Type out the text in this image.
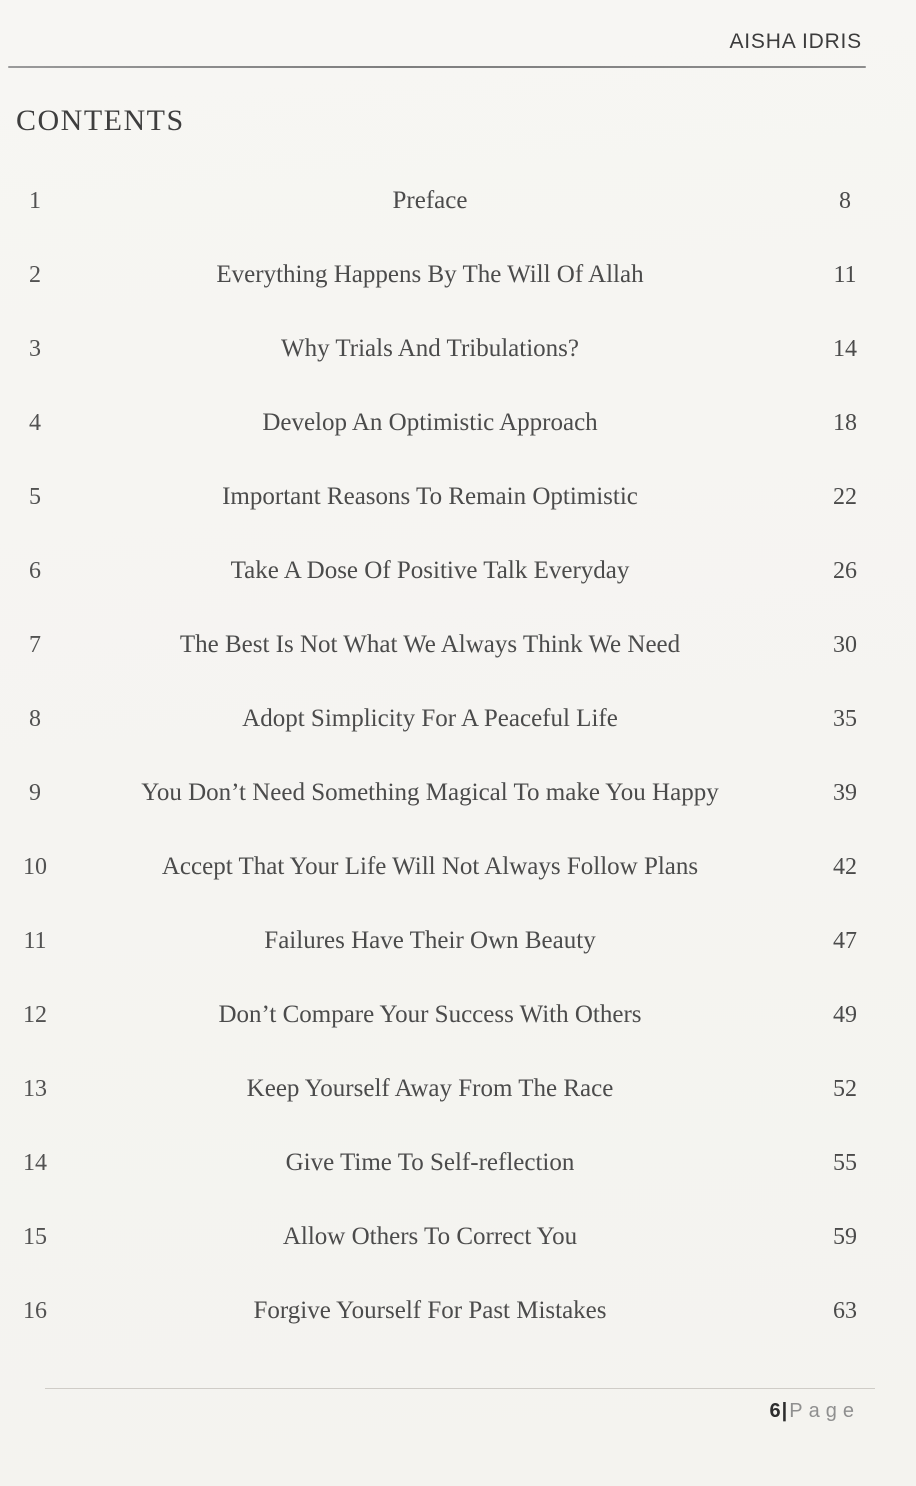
AISHA IDRIS
CONTENTS
1	Preface	8
2	Everything Happens By The Will Of Allah	11
3	Why Trials And Tribulations?	14
4	Develop An Optimistic Approach	18
5	Important Reasons To Remain Optimistic	22
6	Take A Dose Of Positive Talk Everyday	26
7	The Best Is Not What We Always Think We Need	30
8	Adopt Simplicity For A Peaceful Life	35
9	You Don’t Need Something Magical To make You Happy	39
10	Accept That Your Life Will Not Always Follow Plans	42
11	Failures Have Their Own Beauty	47
12	Don’t Compare Your Success With Others	49
13	Keep Yourself Away From The Race	52
14	Give Time To Self-reflection	55
15	Allow Others To Correct You	59
16	Forgive Yourself For Past Mistakes	63
6| Page
